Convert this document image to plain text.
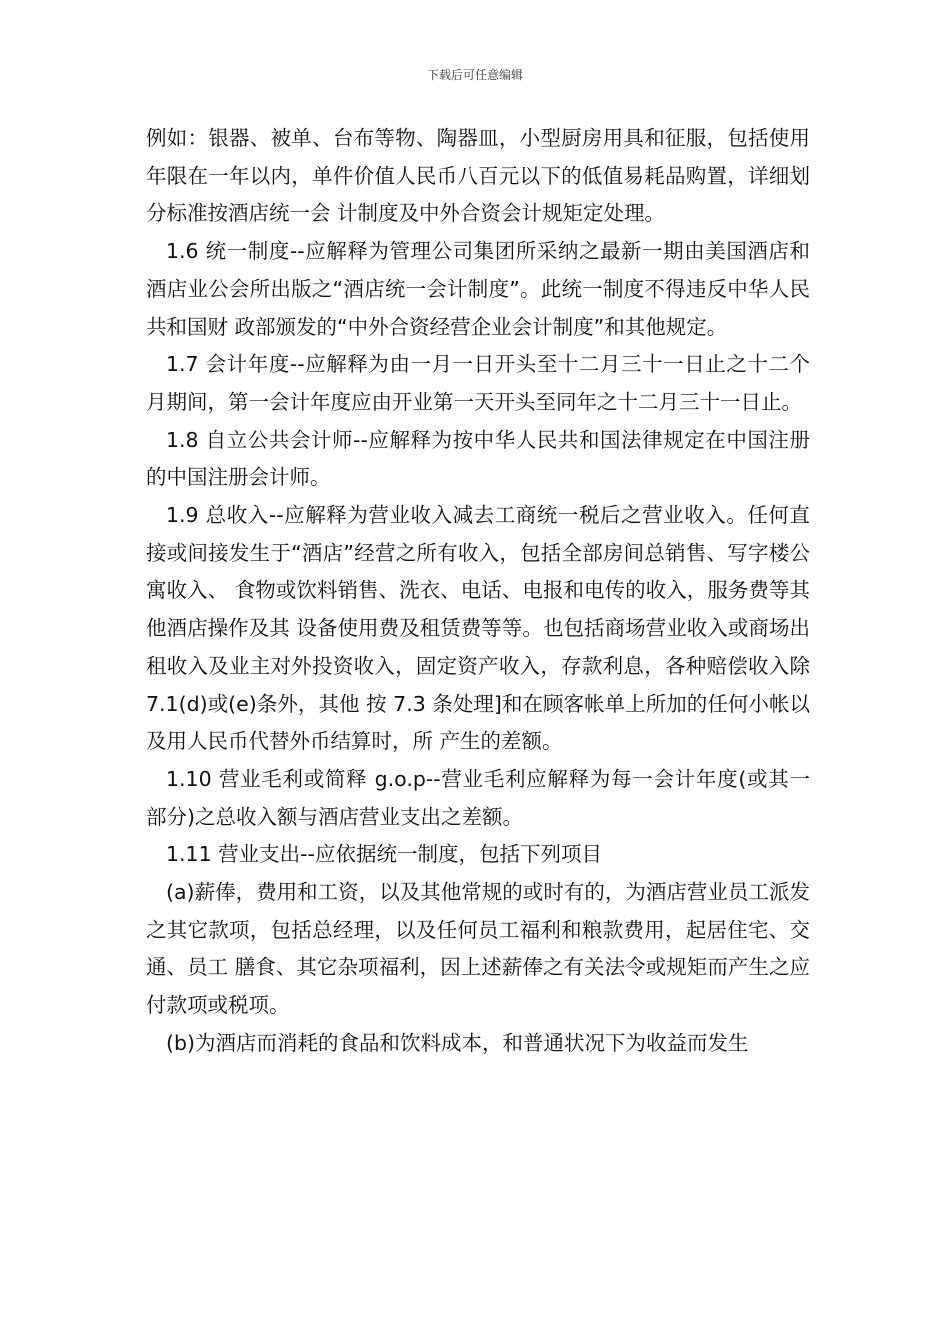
下载后可任意编辑

例如：银器、被单、台布等物、陶器皿，小型厨房用具和征服，包括使用年限在一年以内，单件价值人民币八百元以下的低值易耗品购置，详细划分标准按酒店统一会 计制度及中外合资会计规矩定处理。

1.6 统一制度--应解释为管理公司集团所采纳之最新一期由美国酒店和酒店业公会所出版之“酒店统一会计制度”。此统一制度不得违反中华人民共和国财 政部颁发的“中外合资经营企业会计制度”和其他规定。

1.7 会计年度--应解释为由一月一日开头至十二月三十一日止之十二个月期间，第一会计年度应由开业第一天开头至同年之十二月三十一日止。

1.8 自立公共会计师--应解释为按中华人民共和国法律规定在中国注册的中国注册会计师。

1.9 总收入--应解释为营业收入减去工商统一税后之营业收入。任何直接或间接发生于“酒店”经营之所有收入，包括全部房间总销售、写字楼公寓收入、 食物或饮料销售、洗衣、电话、电报和电传的收入，服务费等其他酒店操作及其 设备使用费及租赁费等等。也包括商场营业收入或商场出租收入及业主对外投资收入，固定资产收入，存款利息，各种赔偿收入除 7.1(d)或(e)条外，其他 按 7.3 条处理]和在顾客帐单上所加的任何小帐以及用人民币代替外币结算时，所 产生的差额。

1.10 营业毛利或简释 g.o.p--营业毛利应解释为每一会计年度(或其一部分)之总收入额与酒店营业支出之差额。

1.11 营业支出--应依据统一制度，包括下列项目

(a)薪俸，费用和工资，以及其他常规的或时有的，为酒店营业员工派发之其它款项，包括总经理，以及任何员工福利和粮款费用，起居住宅、交通、员工 膳食、其它杂项福利，因上述薪俸之有关法令或规矩而产生之应付款项或税项。

(b)为酒店而消耗的食品和饮料成本，和普通状况下为收益而发生
